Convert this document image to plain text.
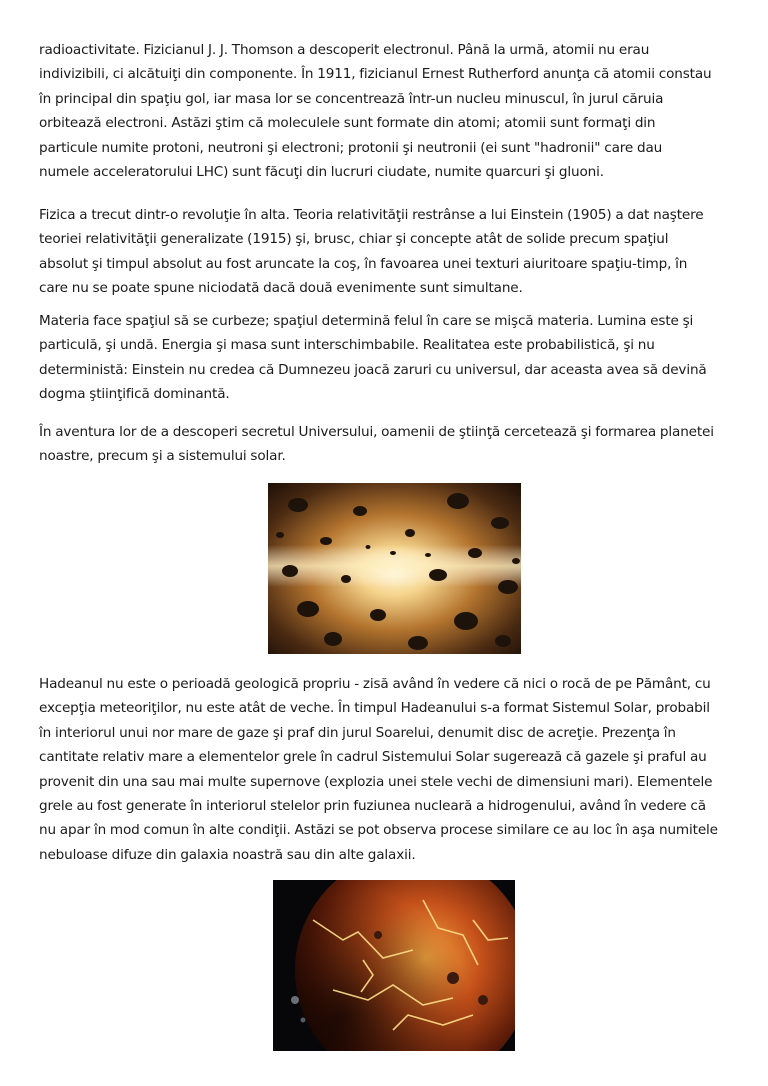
radioactivitate. Fizicianul J. J. Thomson a descoperit electronul. Până la urmă, atomii nu erau
indivizibili, ci alcătuiţi din componente. În 1911, fizicianul Ernest Rutherford anunţa că atomii constau
în principal din spaţiu gol, iar masa lor se concentrează într-un nucleu minuscul, în jurul căruia
orbitează electroni. Astăzi ştim că moleculele sunt formate din atomi; atomii sunt formaţi din
particule numite protoni, neutroni şi electroni; protonii şi neutronii (ei sunt "hadronii" care dau
numele acceleratorului LHC) sunt făcuţi din lucruri ciudate, numite quarcuri şi gluoni.

Fizica a trecut dintr-o revoluţie în alta. Teoria relativităţii restrânse a lui Einstein (1905) a dat naştere
teoriei relativităţii generalizate (1915) şi, brusc, chiar şi concepte atât de solide precum spaţiul
absolut şi timpul absolut au fost aruncate la coş, în favoarea unei texturi aiuritoare spaţiu-timp, în
care nu se poate spune niciodată dacă două evenimente sunt simultane.

Materia face spaţiul să se curbeze; spaţiul determină felul în care se mişcă materia. Lumina este şi
particulă, şi undă. Energia şi masa sunt interschimbabile. Realitatea este probabilistică, şi nu
deterministă: Einstein nu credea că Dumnezeu joacă zaruri cu universul, dar aceasta avea să devină
dogma ştiinţifică dominantă.

În aventura lor de a descoperi secretul Universului, oamenii de ştiinţă cercetează şi formarea planetei
noastre, precum şi a sistemului solar.

Hadeanul nu este o perioadă geologică propriu - zisă având în vedere că nici o rocă de pe Pământ, cu
excepţia meteoriţilor, nu este atât de veche. În timpul Hadeanului s-a format Sistemul Solar, probabil
în interiorul unui nor mare de gaze şi praf din jurul Soarelui, denumit disc de acreţie. Prezenţa în
cantitate relativ mare a elementelor grele în cadrul Sistemului Solar sugerează că gazele şi praful au
provenit din una sau mai multe supernove (explozia unei stele vechi de dimensiuni mari). Elementele
grele au fost generate în interiorul stelelor prin fuziunea nucleară a hidrogenului, având în vedere că
nu apar în mod comun în alte condiţii. Astăzi se pot observa procese similare ce au loc în aşa numitele
nebuloase difuze din galaxia noastră sau din alte galaxii.
